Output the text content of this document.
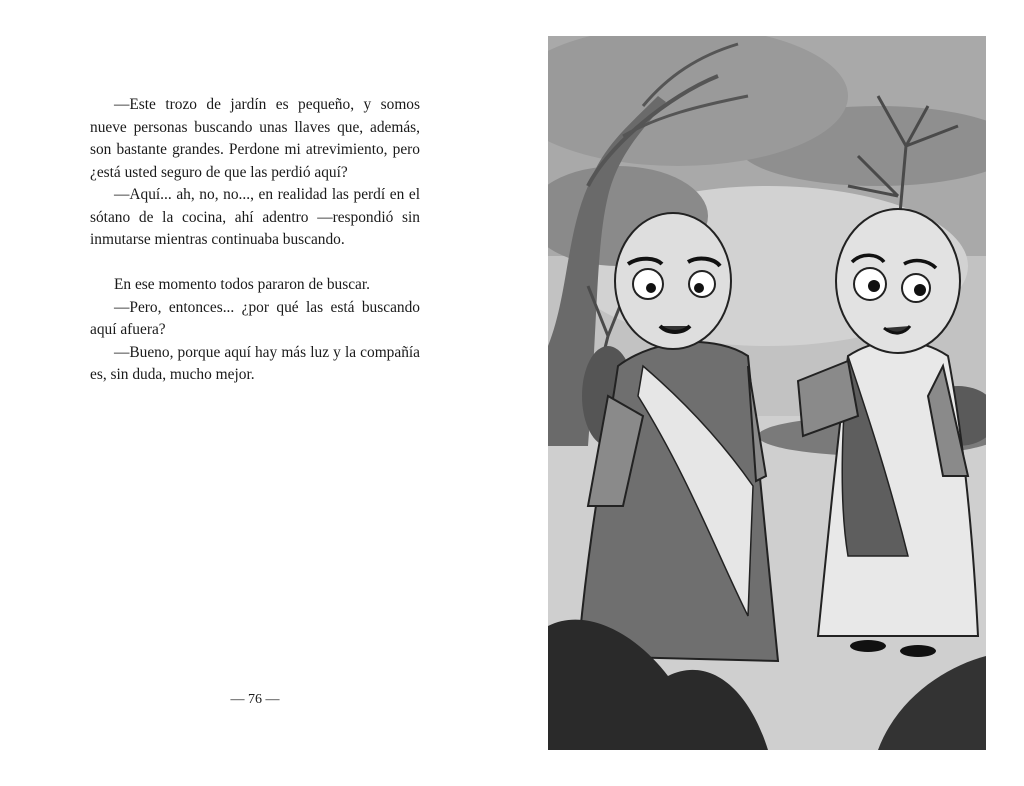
—Este trozo de jardín es pequeño, y somos nueve personas buscando unas llaves que, además, son bastante grandes. Perdone mi atrevimiento, pero ¿está usted seguro de que las perdió aquí?

—Aquí... ah, no, no..., en realidad las perdí en el sótano de la cocina, ahí adentro —respondió sin inmutarse mientras continuaba buscando.

En ese momento todos pararon de buscar.

—Pero, entonces... ¿por qué las está buscando aquí afuera?

—Bueno, porque aquí hay más luz y la compañía es, sin duda, mucho mejor.

— 76 —
